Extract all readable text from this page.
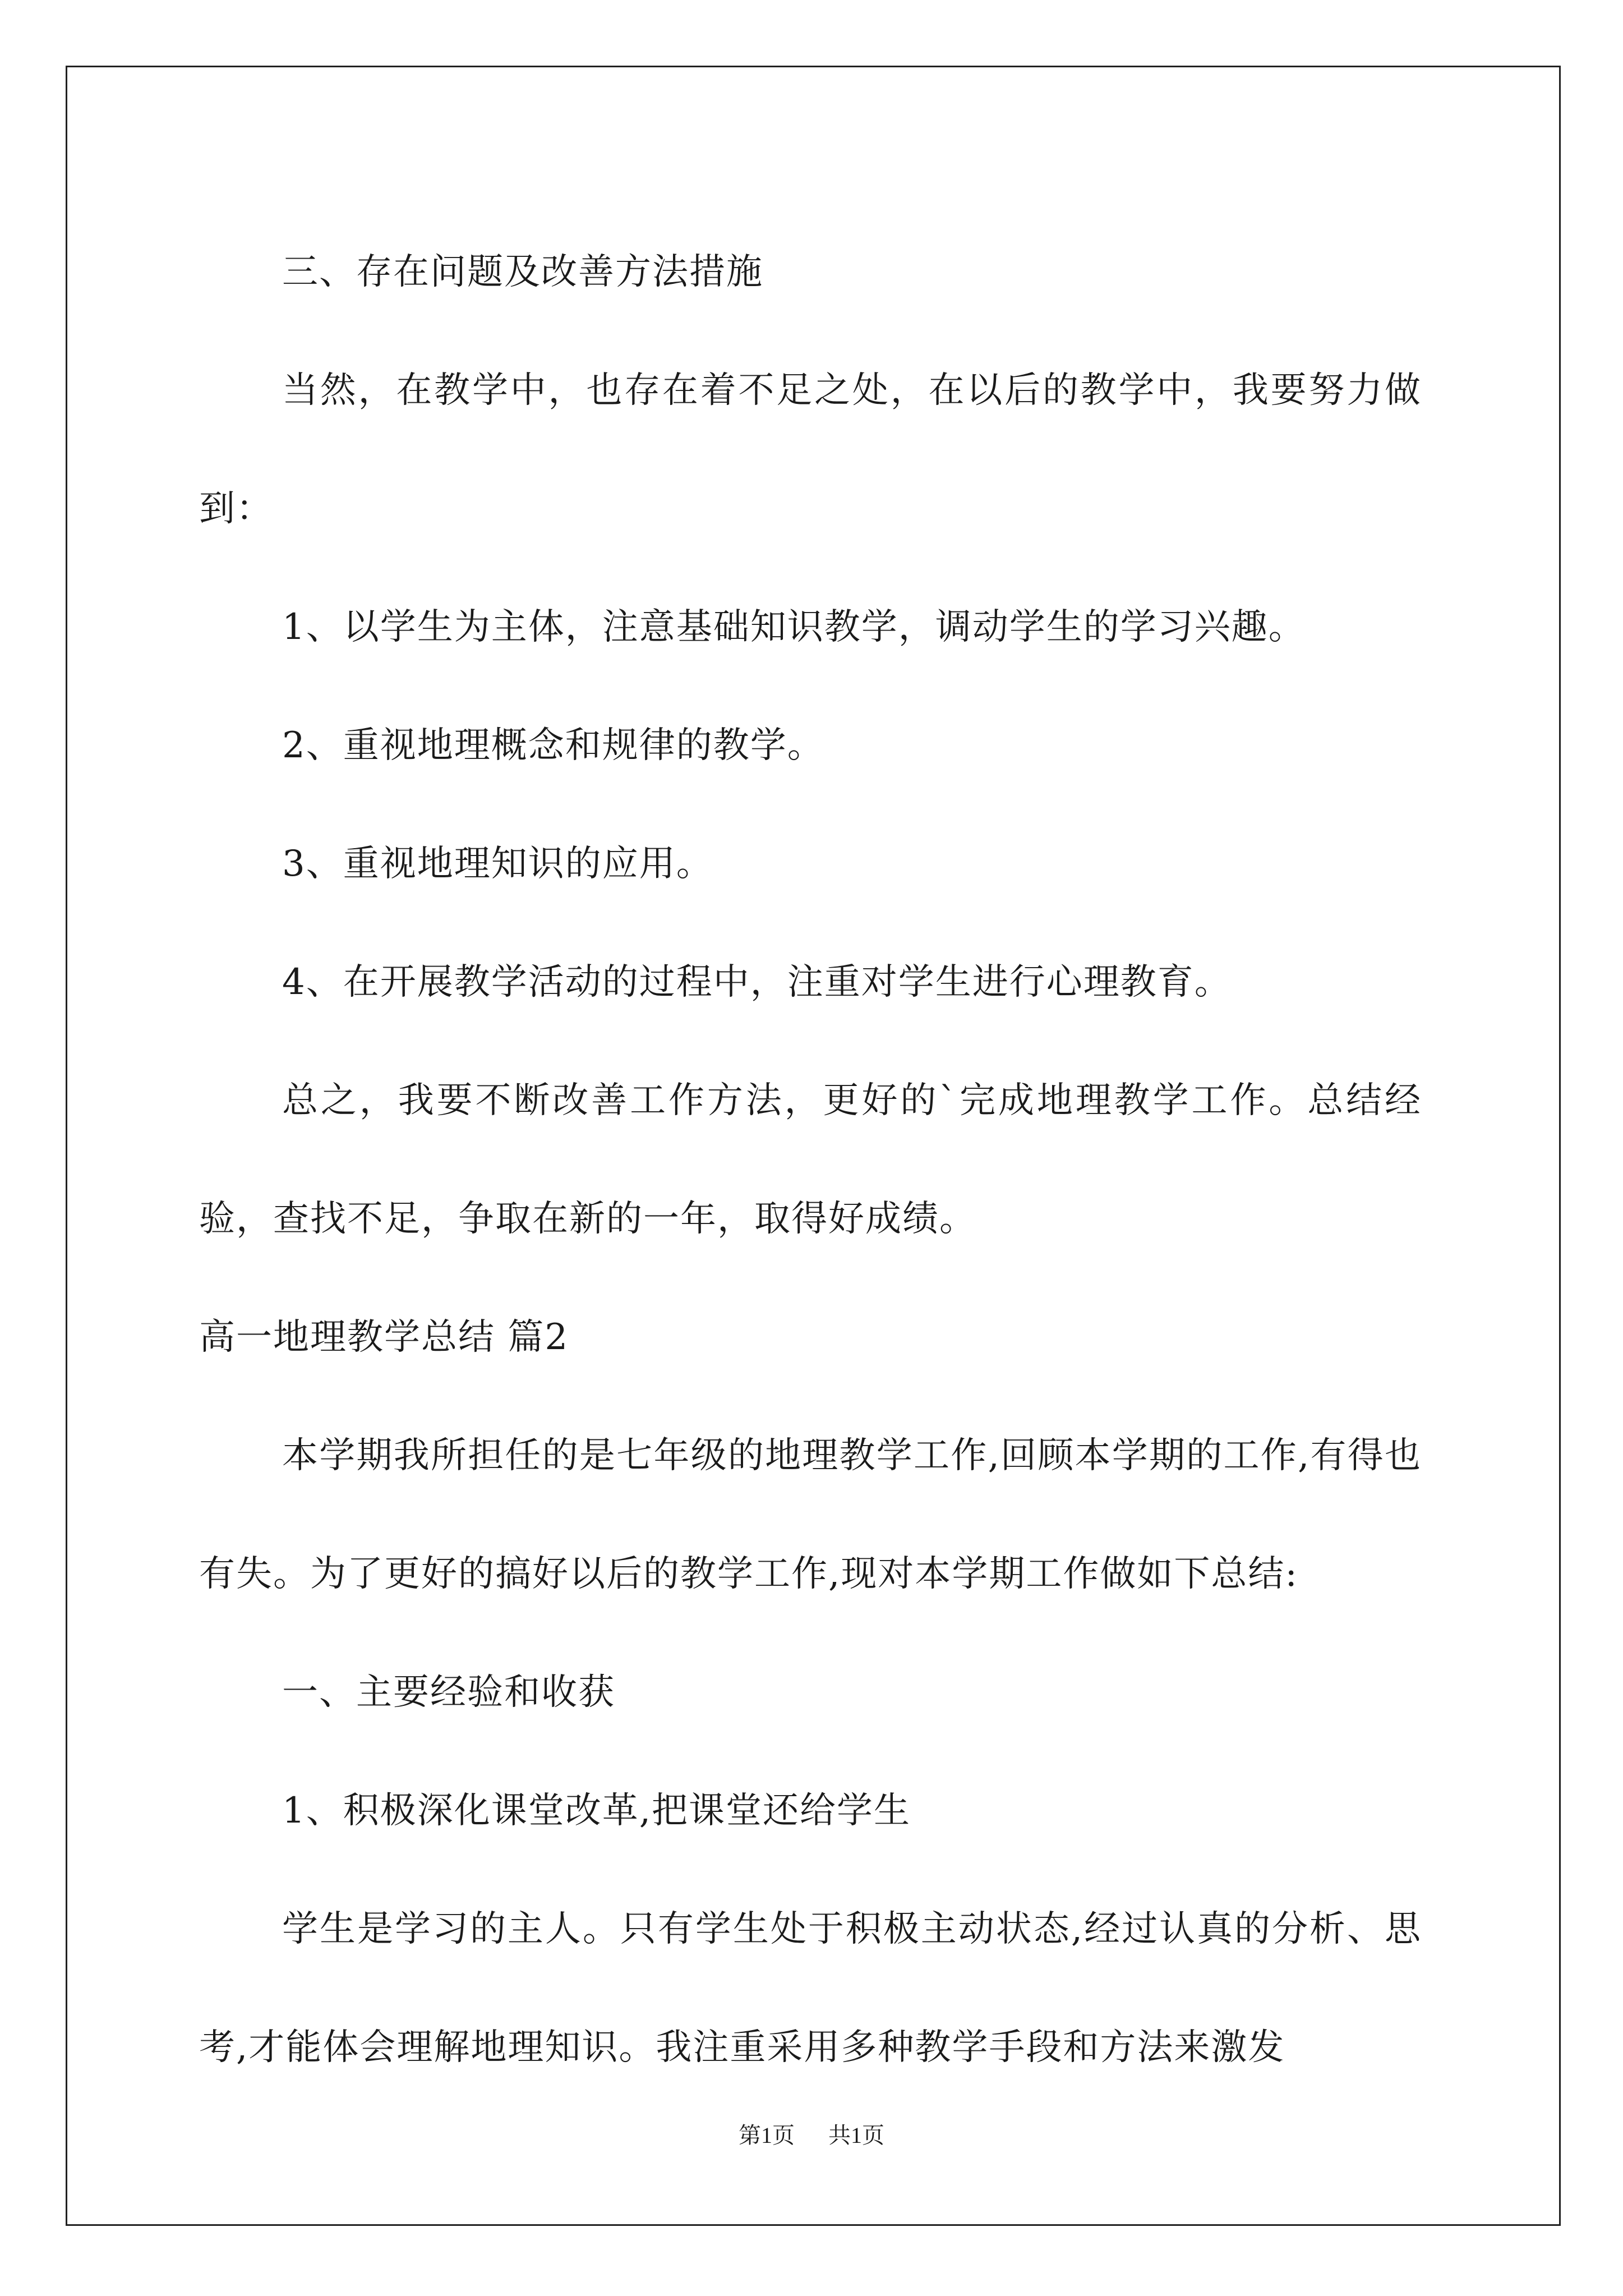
三、存在问题及改善方法措施

当然，在教学中，也存在着不足之处，在以后的教学中，我要努力做到：

1、以学生为主体，注意基础知识教学，调动学生的学习兴趣。

2、重视地理概念和规律的教学。

3、重视地理知识的应用。

4、在开展教学活动的过程中，注重对学生进行心理教育。

总之，我要不断改善工作方法，更好的`完成地理教学工作。总结经验，查找不足，争取在新的一年，取得好成绩。

高一地理教学总结 篇2

本学期我所担任的是七年级的地理教学工作,回顾本学期的工作,有得也有失。为了更好的搞好以后的教学工作,现对本学期工作做如下总结:

一、主要经验和收获

1、积极深化课堂改革,把课堂还给学生

学生是学习的主人。只有学生处于积极主动状态,经过认真的分析、思考,才能体会理解地理知识。我注重采用多种教学手段和方法来激发

第1页 共1页
